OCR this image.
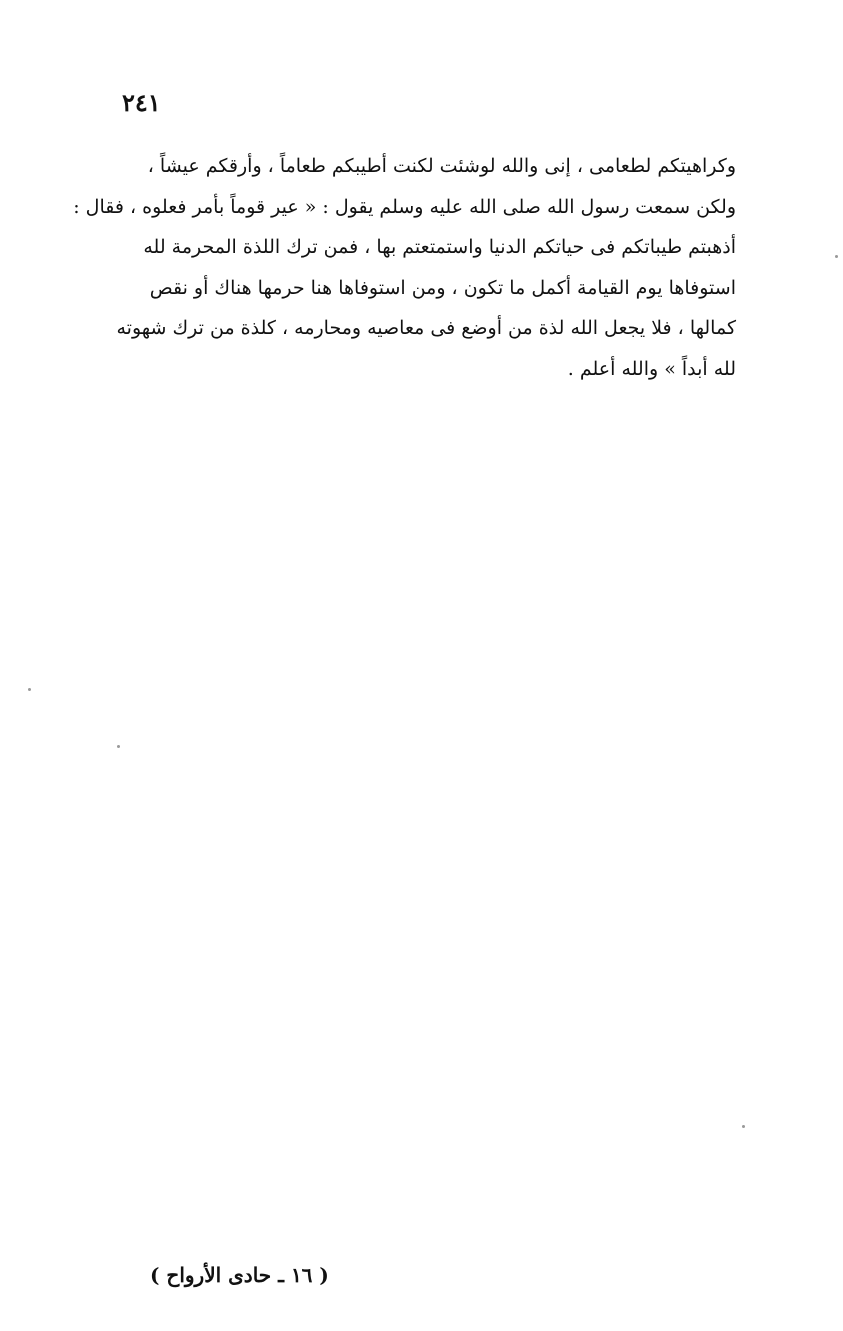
٢٤١
وكراهيتكم لطعامى ، إنى والله لوشئت لكنت أطيبكم طعاماً ، وأرقكم عيشاً ،
ولكن سمعت رسول الله صلى الله عليه وسلم يقول : « عير قوماً بأمر فعلوه ، فقال :
أذهبتم طيباتكم فى حياتكم الدنيا واستمتعتم بها ، فمن ترك اللذة المحرمة لله
استوفاها يوم القيامة أكمل ما تكون ، ومن استوفاها هنا حرمها هناك أو نقص
كمالها ، فلا يجعل الله لذة من أوضع فى معاصيه ومحارمه ، كلذة من ترك شهوته
لله أبداً » والله أعلم .
( ١٦ ـ حادى الأرواح )
